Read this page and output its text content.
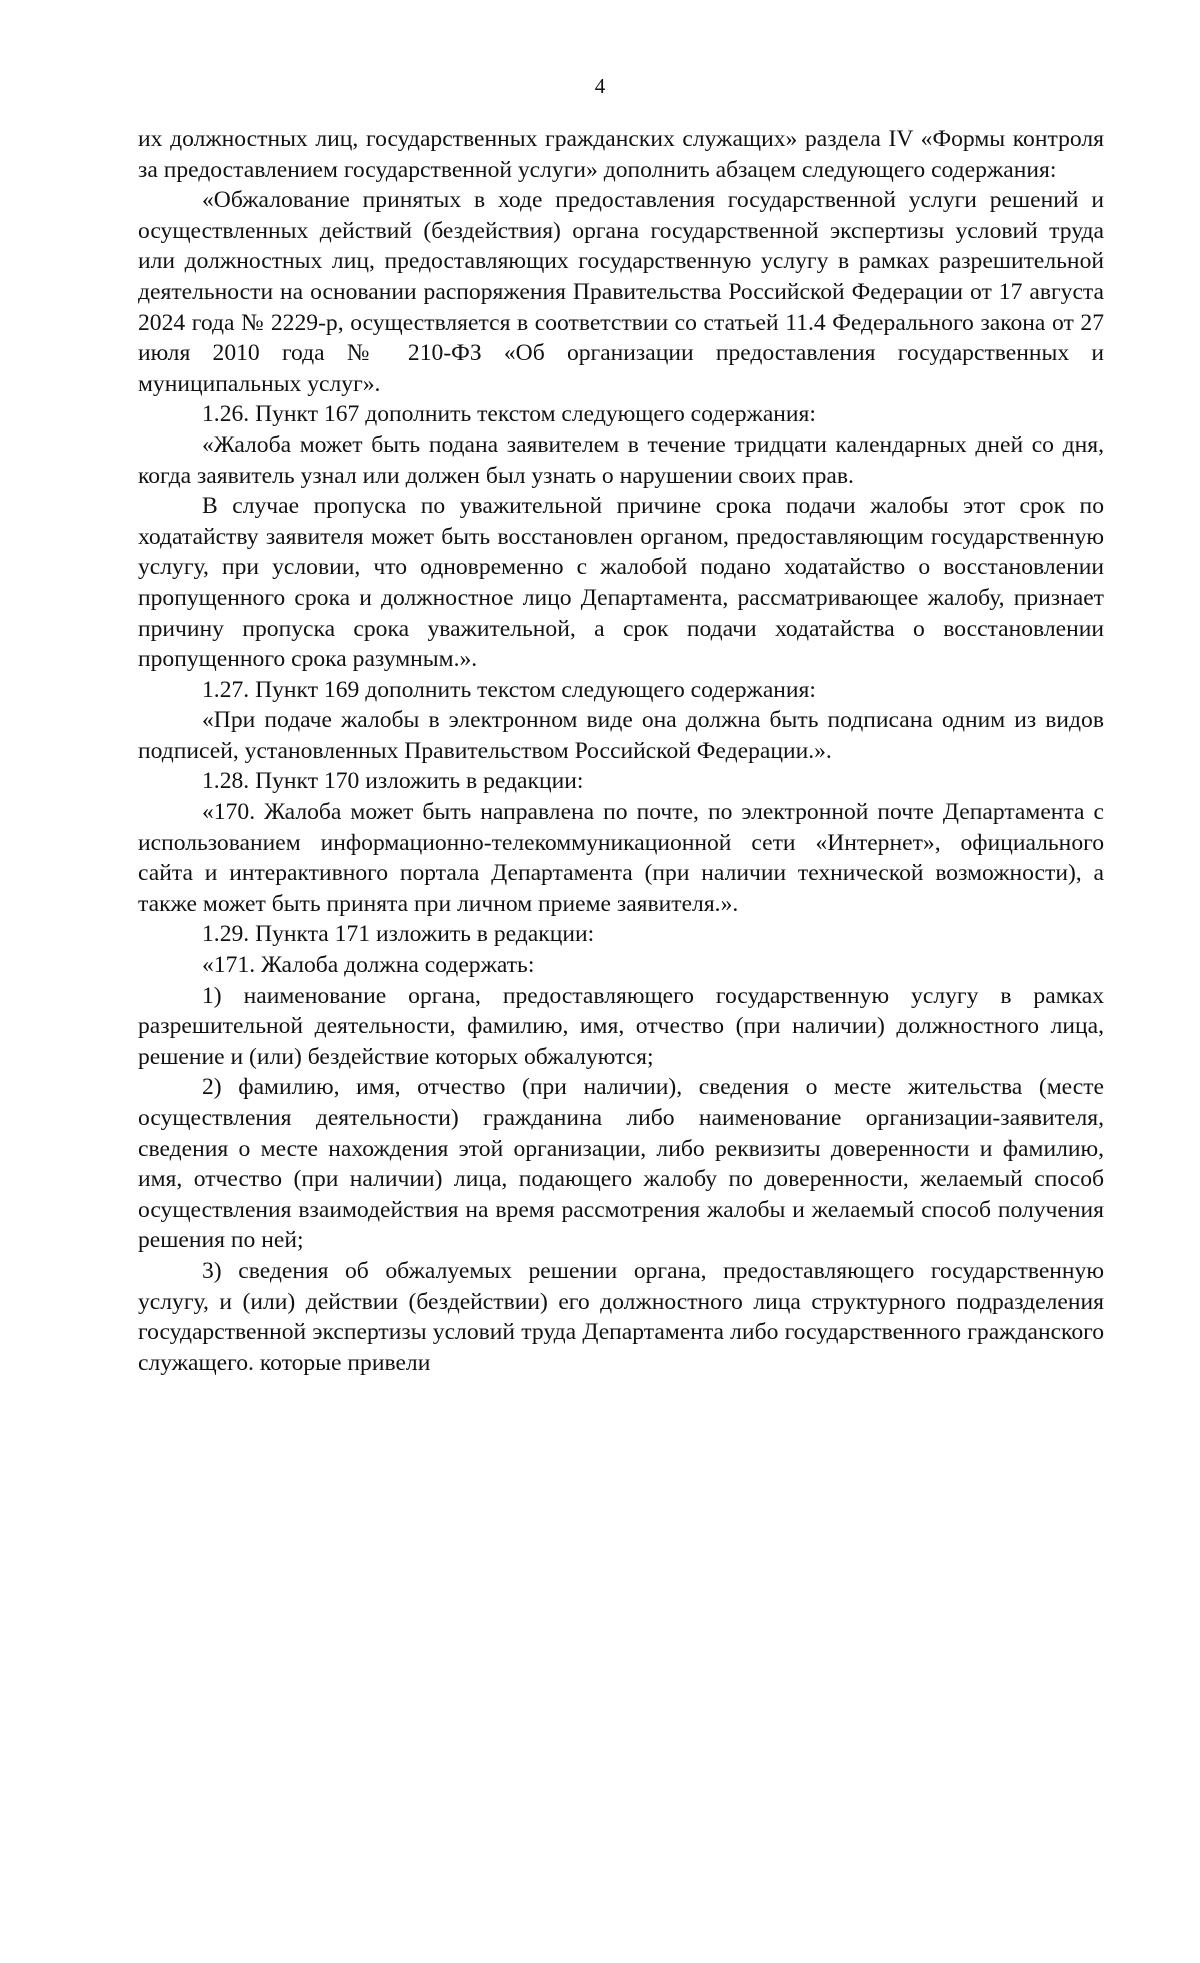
4

их должностных лиц, государственных гражданских служащих» раздела IV «Формы контроля за предоставлением государственной услуги» дополнить абзацем следующего содержания:

«Обжалование принятых в ходе предоставления государственной услуги решений и осуществленных действий (бездействия) органа государственной экспертизы условий труда или должностных лиц, предоставляющих государственную услугу в рамках разрешительной деятельности на основании распоряжения Правительства Российской Федерации от 17 августа 2024 года № 2229-р, осуществляется в соответствии со статьей 11.4 Федерального закона от 27 июля 2010 года № 210-ФЗ «Об организации предоставления государственных и муниципальных услуг».

1.26. Пункт 167 дополнить текстом следующего содержания:

«Жалоба может быть подана заявителем в течение тридцати календарных дней со дня, когда заявитель узнал или должен был узнать о нарушении своих прав.

В случае пропуска по уважительной причине срока подачи жалобы этот срок по ходатайству заявителя может быть восстановлен органом, предоставляющим государственную услугу, при условии, что одновременно с жалобой подано ходатайство о восстановлении пропущенного срока и должностное лицо Департамента, рассматривающее жалобу, признает причину пропуска срока уважительной, а срок подачи ходатайства о восстановлении пропущенного срока разумным.».

1.27. Пункт 169 дополнить текстом следующего содержания:

«При подаче жалобы в электронном виде она должна быть подписана одним из видов подписей, установленных Правительством Российской Федерации.».

1.28. Пункт 170 изложить в редакции:

«170. Жалоба может быть направлена по почте, по электронной почте Департамента с использованием информационно-телекоммуникационной сети «Интернет», официального сайта и интерактивного портала Департамента (при наличии технической возможности), а также может быть принята при личном приеме заявителя.».

1.29. Пункта 171 изложить в редакции:

«171. Жалоба должна содержать:

1) наименование органа, предоставляющего государственную услугу в рамках разрешительной деятельности, фамилию, имя, отчество (при наличии) должностного лица, решение и (или) бездействие которых обжалуются;

2) фамилию, имя, отчество (при наличии), сведения о месте жительства (месте осуществления деятельности) гражданина либо наименование организации-заявителя, сведения о месте нахождения этой организации, либо реквизиты доверенности и фамилию, имя, отчество (при наличии) лица, подающего жалобу по доверенности, желаемый способ осуществления взаимодействия на время рассмотрения жалобы и желаемый способ получения решения по ней;

3) сведения об обжалуемых решении органа, предоставляющего государственную услугу, и (или) действии (бездействии) его должностного лица структурного подразделения государственной экспертизы условий труда Департамента либо государственного гражданского служащего. которые привели
